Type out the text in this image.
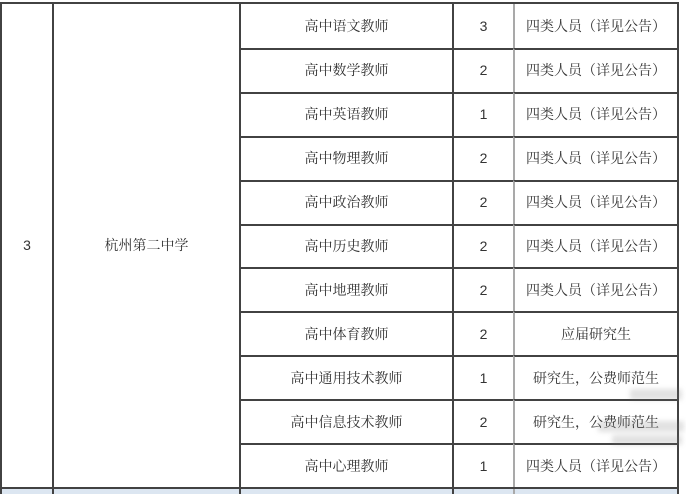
3	杭州第二中学
高中语文教师	3	四类人员（详见公告）
高中数学教师	2	四类人员（详见公告）
高中英语教师	1	四类人员（详见公告）
高中物理教师	2	四类人员（详见公告）
高中政治教师	2	四类人员（详见公告）
高中历史教师	2	四类人员（详见公告）
高中地理教师	2	四类人员（详见公告）
高中体育教师	2	应届研究生
高中通用技术教师	1	研究生，公费师范生
高中信息技术教师	2	研究生，公费师范生
高中心理教师	1	四类人员（详见公告）
